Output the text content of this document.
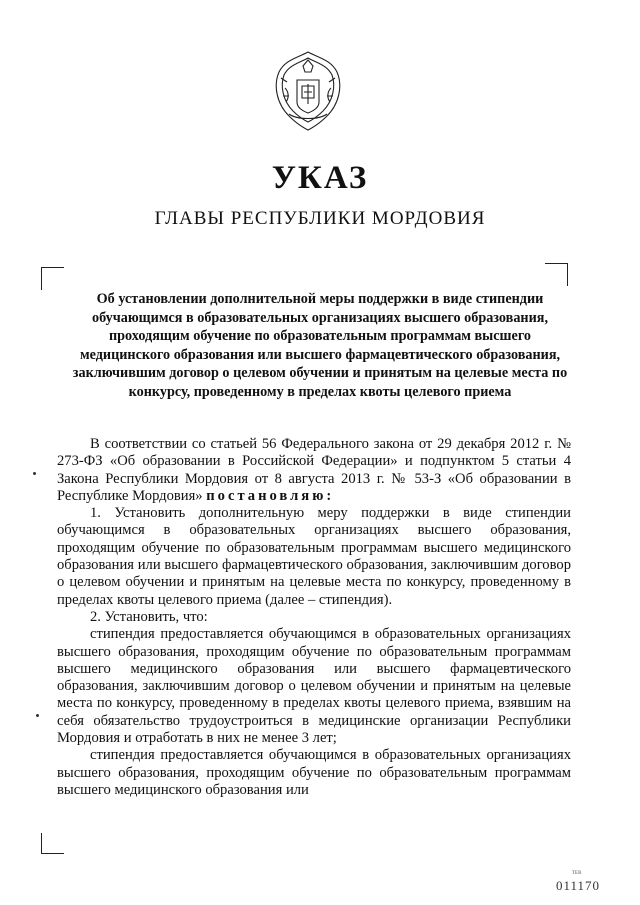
УКАЗ
ГЛАВЫ РЕСПУБЛИКИ МОРДОВИЯ
Об установлении дополнительной меры поддержки в виде стипендии обучающимся в образовательных организациях высшего образования, проходящим обучение по образовательным программам высшего медицинского образования или высшего фармацевтического образования, заключившим договор о целевом обучении и принятым на целевые места по конкурсу, проведенному в пределах квоты целевого приема

В соответствии со статьей 56 Федерального закона от 29 декабря 2012 г. № 273-ФЗ «Об образовании в Российской Федерации» и подпунктом 5 статьи 4 Закона Республики Мордовия от 8 августа 2013 г. № 53-З «Об образовании в Республике Мордовия» постановляю:

1. Установить дополнительную меру поддержки в виде стипендии обучающимся в образовательных организациях высшего образования, проходящим обучение по образовательным программам высшего медицинского образования или высшего фармацевтического образования, заключившим договор о целевом обучении и принятым на целевые места по конкурсу, проведенному в пределах квоты целевого приема (далее – стипендия).

2. Установить, что:

стипендия предоставляется обучающимся в образовательных организациях высшего образования, проходящим обучение по образовательным программам высшего медицинского образования или высшего фармацевтического образования, заключившим договор о целевом обучении и принятым на целевые места по конкурсу, проведенному в пределах квоты целевого приема, взявшим на себя обязательство трудоустроиться в медицинские организации Республики Мордовия и отработать в них не менее 3 лет;

стипендия предоставляется обучающимся в образовательных организациях высшего образования, проходящим обучение по образовательным программам высшего медицинского образования или

ТЕВ
011170
